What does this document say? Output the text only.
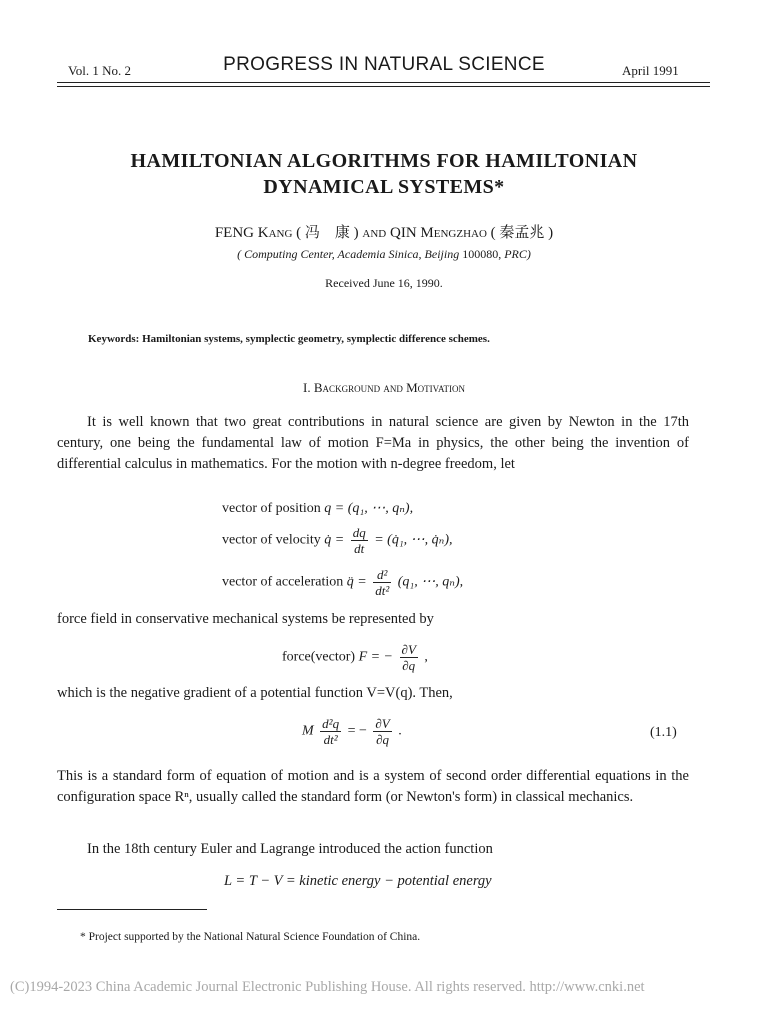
Vol. 1 No. 2	PROGRESS IN NATURAL SCIENCE	April 1991
HAMILTONIAN ALGORITHMS FOR HAMILTONIAN
DYNAMICAL SYSTEMS*
FENG Kang ( 冯　康 ) and QIN Mengzhao ( 秦孟兆 )
( Computing Center, Academia Sinica, Beijing 100080, PRC)
Received June 16, 1990.
Keywords: Hamiltonian systems, symplectic geometry, symplectic difference schemes.
I. Background and Motivation
It is well known that two great contributions in natural science are given by Newton in the 17th century, one being the fundamental law of motion F=Ma in physics, the other being the invention of differential calculus in mathematics. For the motion with n-degree freedom, let
vector of position q = (q₁, ⋯, qₙ),
vector of velocity q̇ = $\frac{dq}{dt}$ = (q̇₁, ⋯, q̇ₙ),
vector of acceleration q̈ = $\frac{\text{d²}}{\text{dt²}} (q_1$, ⋯, qₙ),
force field in conservative mechanical systems be represented by
force(vector) F = − $\frac{\partial V}{\partial q}$ ,
which is the negative gradient of a potential function V=V(q). Then,
M $\frac{\text{d²q}}{\text{dt²}}$ = − $\frac{\partial V}{\partial q}$ .	(1.1)
This is a standard form of equation of motion and is a system of second order differential equations in the configuration space Rⁿ, usually called the standard form (or Newton's form) in classical mechanics.
In the 18th century Euler and Lagrange introduced the action function
L = T − V = kinetic energy − potential energy
* Project supported by the National Natural Science Foundation of China.
(C)1994-2023 China Academic Journal Electronic Publishing House. All rights reserved. http://www.cnki.net
